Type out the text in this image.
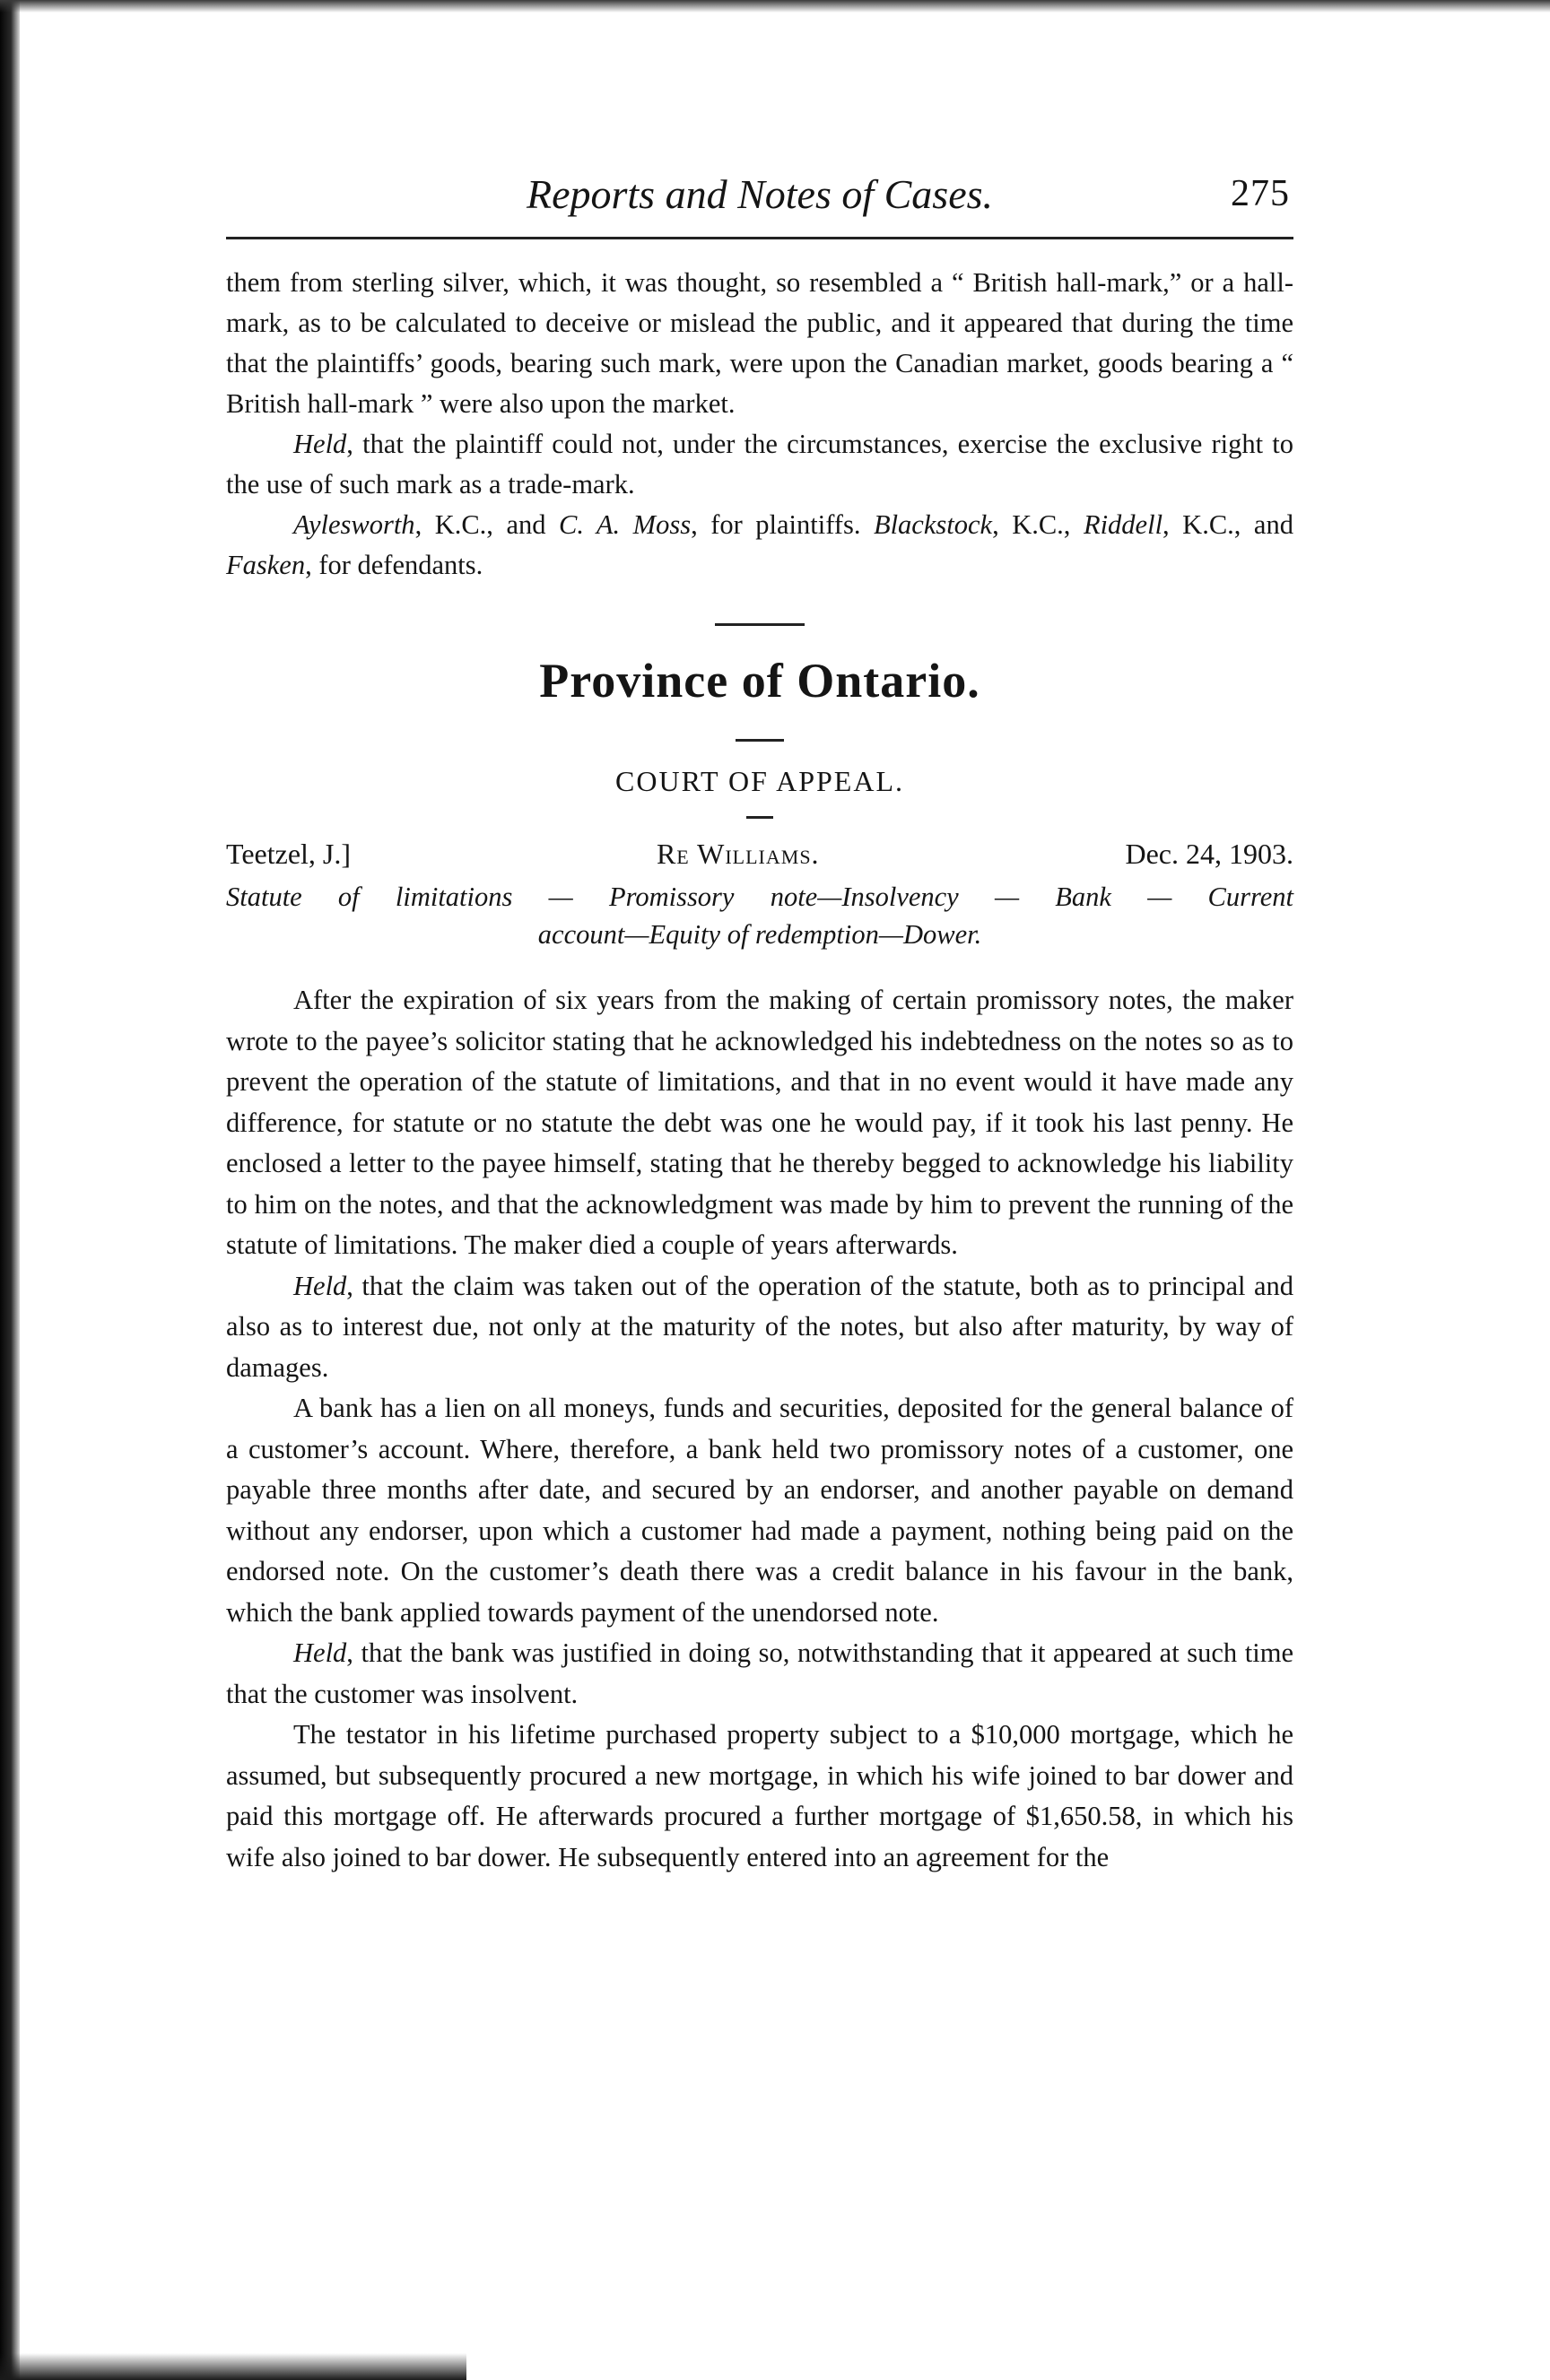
Reports and Notes of Cases.	275

them from sterling silver, which, it was thought, so resembled a “ British hall-mark,” or a hall-mark, as to be calculated to deceive or mislead the public, and it appeared that during the time that the plaintiffs’ goods, bearing such mark, were upon the Canadian market, goods bearing a “ British hall-mark ” were also upon the market.

Held, that the plaintiff could not, under the circumstances, exercise the exclusive right to the use of such mark as a trade-mark.

Aylesworth, K.C., and C. A. Moss, for plaintiffs. Blackstock, K.C., Riddell, K.C., and Fasken, for defendants.

Province of Ontario.
COURT OF APPEAL.
Teetzel, J.]	Re Williams.	Dec. 24, 1903.
Statute of limitations — Promissory note—Insolvency — Bank — Current
account—Equity of redemption—Dower.

After the expiration of six years from the making of certain promissory notes, the maker wrote to the payee’s solicitor stating that he acknowledged his indebtedness on the notes so as to prevent the operation of the statute of limitations, and that in no event would it have made any difference, for statute or no statute the debt was one he would pay, if it took his last penny. He enclosed a letter to the payee himself, stating that he thereby begged to acknowledge his liability to him on the notes, and that the acknowledgment was made by him to prevent the running of the statute of limitations. The maker died a couple of years afterwards.

Held, that the claim was taken out of the operation of the statute, both as to principal and also as to interest due, not only at the maturity of the notes, but also after maturity, by way of damages.

A bank has a lien on all moneys, funds and securities, deposited for the general balance of a customer’s account. Where, therefore, a bank held two promissory notes of a customer, one payable three months after date, and secured by an endorser, and another payable on demand without any endorser, upon which a customer had made a payment, nothing being paid on the endorsed note. On the customer’s death there was a credit balance in his favour in the bank, which the bank applied towards payment of the unendorsed note.

Held, that the bank was justified in doing so, notwithstanding that it appeared at such time that the customer was insolvent.

The testator in his lifetime purchased property subject to a $10,000 mortgage, which he assumed, but subsequently procured a new mortgage, in which his wife joined to bar dower and paid this mortgage off. He afterwards procured a further mortgage of $1,650.58, in which his wife also joined to bar dower. He subsequently entered into an agreement for the
